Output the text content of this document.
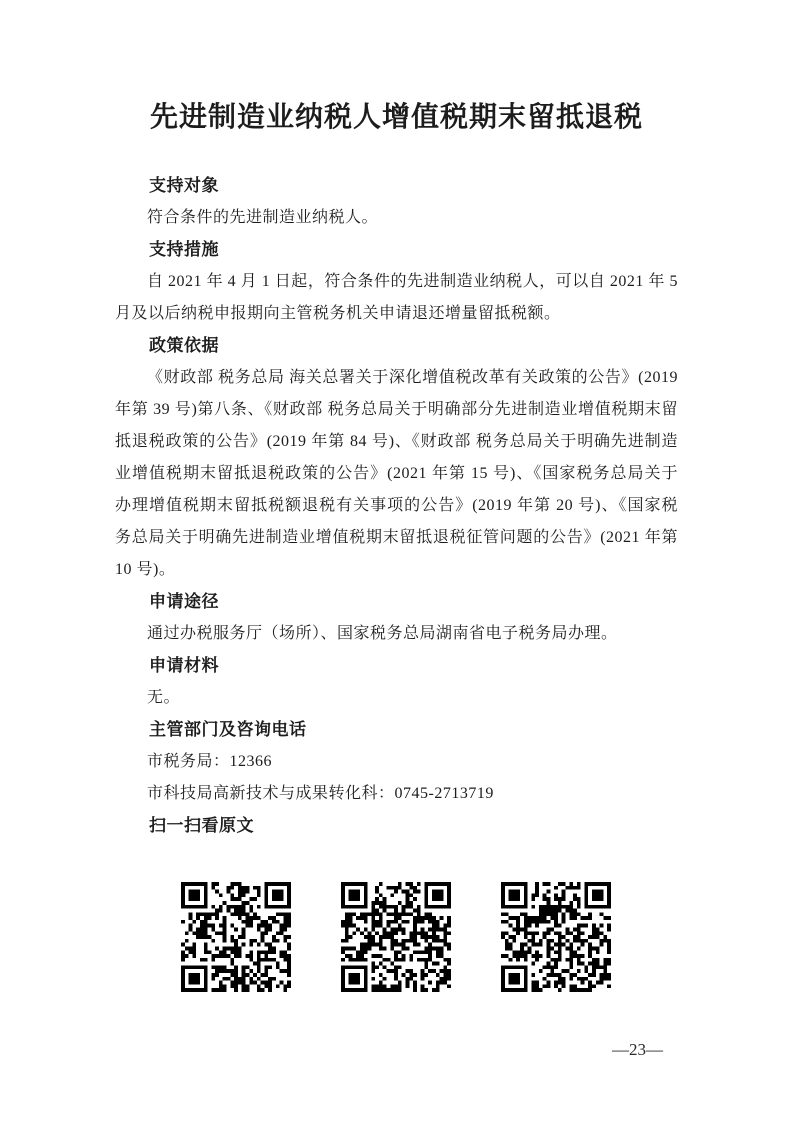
先进制造业纳税人增值税期末留抵退税
支持对象

符合条件的先进制造业纳税人。

支持措施

自 2021 年 4 月 1 日起，符合条件的先进制造业纳税人，可以自 2021 年 5 月及以后纳税申报期向主管税务机关申请退还增量留抵税额。

政策依据

《财政部 税务总局 海关总署关于深化增值税改革有关政策的公告》(2019 年第 39 号)第八条、《财政部 税务总局关于明确部分先进制造业增值税期末留抵退税政策的公告》(2019 年第 84 号)、《财政部 税务总局关于明确先进制造业增值税期末留抵退税政策的公告》(2021 年第 15 号)、《国家税务总局关于办理增值税期末留抵税额退税有关事项的公告》(2019 年第 20 号)、《国家税务总局关于明确先进制造业增值税期末留抵退税征管问题的公告》(2021 年第 10 号)。

申请途径

通过办税服务厅（场所）、国家税务总局湖南省电子税务局办理。

申请材料

无。

主管部门及咨询电话

市税务局：12366

市科技局高新技术与成果转化科：0745-2713719

扫一扫看原文
—23—
